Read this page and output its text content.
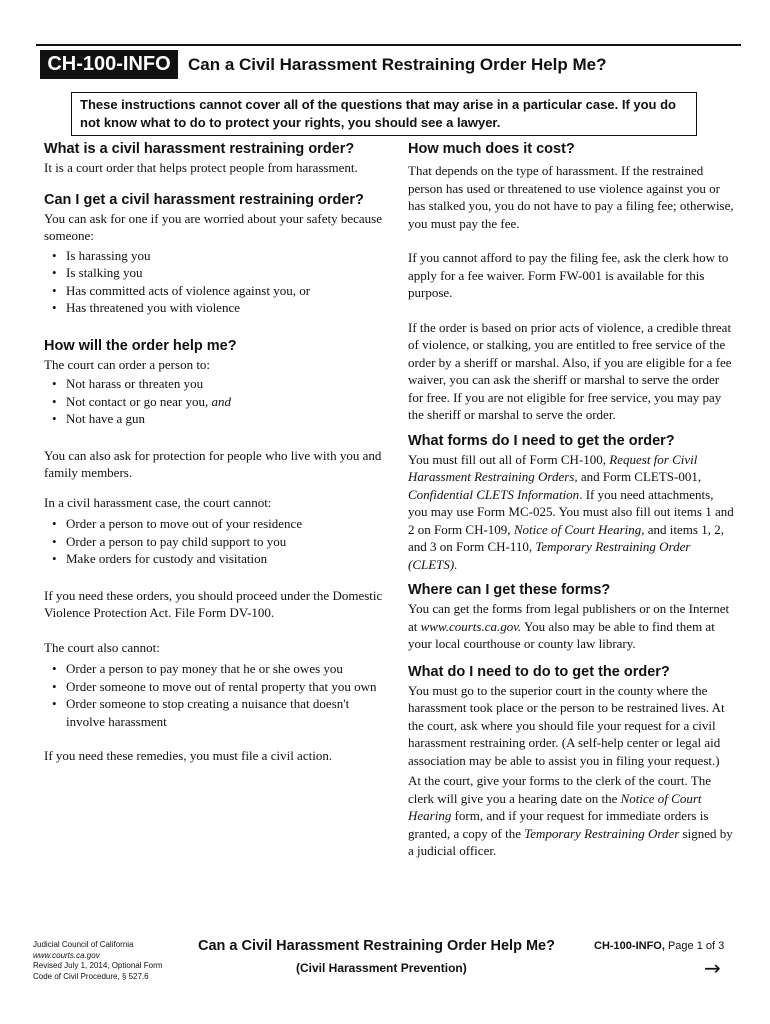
CH-100-INFO	Can a Civil Harassment Restraining Order Help Me?
These instructions cannot cover all of the questions that may arise in a particular case. If you do not know what to do to protect your rights, you should see a lawyer.
What is a civil harassment restraining order?

It is a court order that helps protect people from harassment.

Can I get a civil harassment restraining order?

You can ask for one if you are worried about your safety because someone:

• Is harassing you
• Is stalking you
• Has committed acts of violence against you, or
• Has threatened you with violence
How will the order help me?

The court can order a person to:

• Not harass or threaten you
• Not contact or go near you, and
• Not have a gun

You can also ask for protection for people who live with you and family members.

In a civil harassment case, the court cannot:

• Order a person to move out of your residence
• Order a person to pay child support to you
• Make orders for custody and visitation

If you need these orders, you should proceed under the Domestic Violence Protection Act. File Form DV-100.

The court also cannot:

• Order a person to pay money that he or she owes you
• Order someone to move out of rental property that you own
• Order someone to stop creating a nuisance that doesn't involve harassment

If you need these remedies, you must file a civil action.

How much does it cost?

That depends on the type of harassment. If the restrained person has used or threatened to use violence against you or has stalked you, you do not have to pay a filing fee; otherwise, you must pay the fee.

If you cannot afford to pay the filing fee, ask the clerk how to apply for a fee waiver. Form FW-001 is available for this purpose.

If the order is based on prior acts of violence, a credible threat of violence, or stalking, you are entitled to free service of the order by a sheriff or marshal. Also, if you are eligible for a fee waiver, you can ask the sheriff or marshal to serve the order for free. If you are not eligible for free service, you may pay the sheriff or marshal to serve the order.

What forms do I need to get the order?

You must fill out all of Form CH-100, Request for Civil Harassment Restraining Orders, and Form CLETS-001, Confidential CLETS Information. If you need attachments, you may use Form MC-025. You must also fill out items 1 and 2 on Form CH-109, Notice of Court Hearing, and items 1, 2, and 3 on Form CH-110, Temporary Restraining Order (CLETS).

Where can I get these forms?

You can get the forms from legal publishers or on the Internet at www.courts.ca.gov. You also may be able to find them at your local courthouse or county law library.

What do I need to do to get the order?

You must go to the superior court in the county where the harassment took place or the person to be restrained lives. At the court, ask where you should file your request for a civil harassment restraining order. (A self-help center or legal aid association may be able to assist you in filing your request.)

At the court, give your forms to the clerk of the court. The clerk will give you a hearing date on the Notice of Court Hearing form, and if your request for immediate orders is granted, a copy of the Temporary Restraining Order signed by a judicial officer.

Judicial Council of California
www.courts.ca.gov
Revised July 1, 2014, Optional Form
Code of Civil Procedure, § 527.6
Can a Civil Harassment Restraining Order Help Me?
(Civil Harassment Prevention)
CH-100-INFO, Page 1 of 3
→
